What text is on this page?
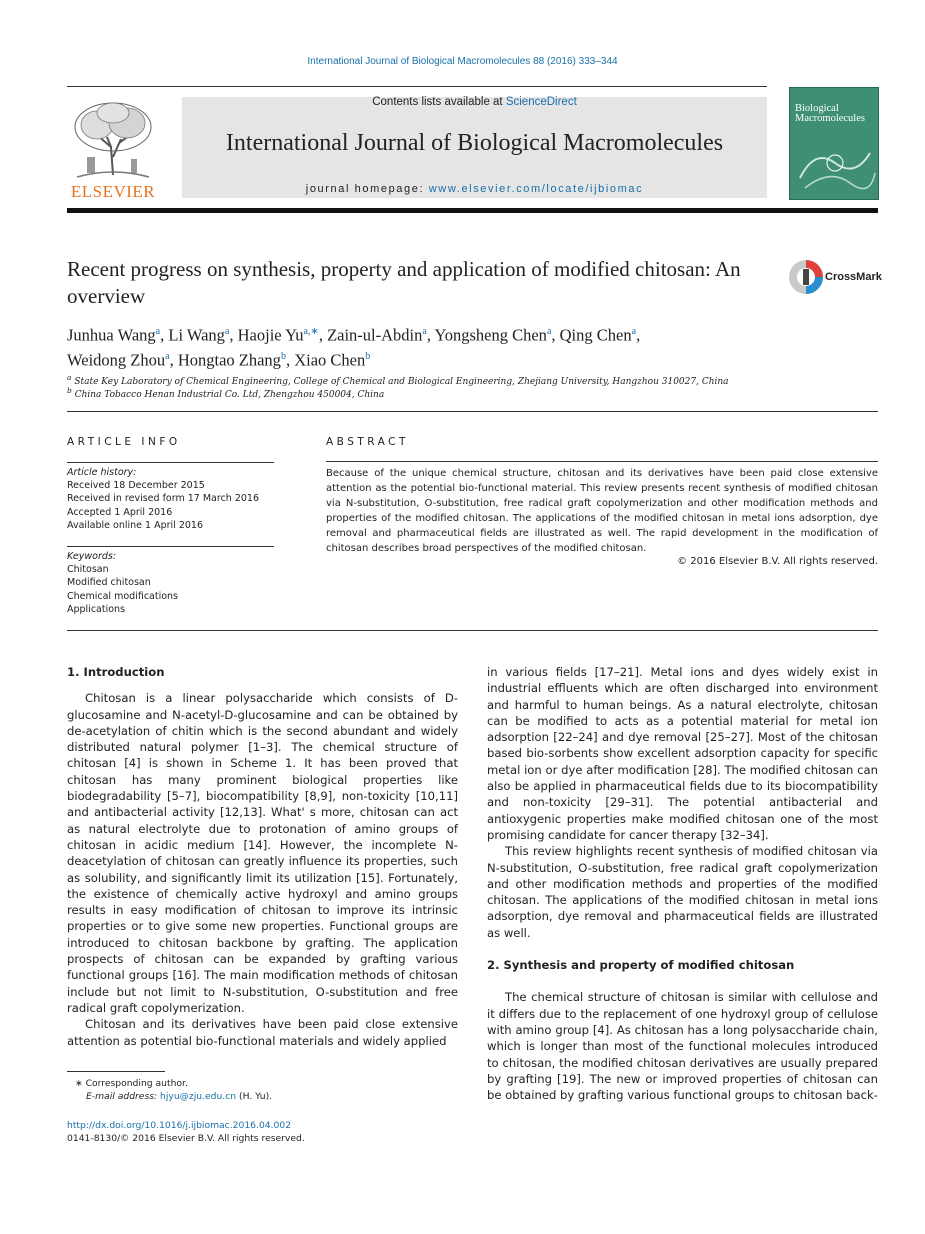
International Journal of Biological Macromolecules 88 (2016) 333–344
ELSEVIER
Contents lists available at ScienceDirect
International Journal of Biological Macromolecules
journal homepage: www.elsevier.com/locate/ijbiomac
Biological Macromolecules
Recent progress on synthesis, property and application of modified chitosan: An overview
CrossMark
Junhua Wang$^a$, Li Wang$^a$, Haojie $Yu^{a,∗}$, Zain-ul-Abdin$^a$, Yongsheng Chen$^a$, Qing Chen$^a$,
Weidong Zhou$^a$, Hongtao Zhang$^b$, Xiao Chen$^b$
$^a$ State Key Laboratory of Chemical Engineering, College of Chemical and Biological Engineering, Zhejiang University, Hangzhou 310027, China
$^b$ China Tobacco Henan Industrial Co. Ltd, Zhengzhou 450004, China
ARTICLE INFO
Article history:
Received 18 December 2015
Received in revised form 17 March 2016
Accepted 1 April 2016
Available online 1 April 2016
Keywords:
Chitosan
Modified chitosan
Chemical modifications
Applications
ABSTRACT
Because of the unique chemical structure, chitosan and its derivatives have been paid close extensive attention as the potential bio-functional material. This review presents recent synthesis of modified chitosan via N-substitution, O-substitution, free radical graft copolymerization and other modification methods and properties of the modified chitosan. The applications of the modified chitosan in metal ions adsorption, dye removal and pharmaceutical fields are illustrated as well. The rapid development in the modification of chitosan describes broad perspectives of the modified chitosan.
© 2016 Elsevier B.V. All rights reserved.
1. Introduction

Chitosan is a linear polysaccharide which consists of D-glucosamine and N-acetyl-D-glucosamine and can be obtained by de-acetylation of chitin which is the second abundant and widely distributed natural polymer [1–3]. The chemical structure of chitosan [4] is shown in Scheme 1. It has been proved that chitosan has many prominent biological properties like biodegradability [5–7], biocompatibility [8,9], non-toxicity [10,11] and antibacterial activity [12,13]. What' s more, chitosan can act as natural electrolyte due to protonation of amino groups of chitosan in acidic medium [14]. However, the incomplete N-deacetylation of chitosan can greatly influence its properties, such as solubility, and significantly limit its utilization [15]. Fortunately, the existence of chemically active hydroxyl and amino groups results in easy modification of chitosan to improve its intrinsic properties or to give some new properties. Functional groups are introduced to chitosan backbone by grafting. The application prospects of chitosan can be expanded by grafting various functional groups [16]. The main modification methods of chitosan include but not limit to N-substitution, O-substitution and free radical graft copolymerization.

Chitosan and its derivatives have been paid close extensive attention as potential bio-functional materials and widely applied

in various fields [17–21]. Metal ions and dyes widely exist in industrial effluents which are often discharged into environment and harmful to human beings. As a natural electrolyte, chitosan can be modified to acts as a potential material for metal ion adsorption [22–24] and dye removal [25–27]. Most of the chitosan based bio-sorbents show excellent adsorption capacity for specific metal ion or dye after modification [28]. The modified chitosan can also be applied in pharmaceutical fields due to its biocompatibility and non-toxicity [29–31]. The potential antibacterial and antioxygenic properties make modified chitosan one of the most promising candidate for cancer therapy [32–34].

This review highlights recent synthesis of modified chitosan via N-substitution, O-substitution, free radical graft copolymerization and other modification methods and properties of the modified chitosan. The applications of the modified chitosan in metal ions adsorption, dye removal and pharmaceutical fields are illustrated as well.

2. Synthesis and property of modified chitosan

The chemical structure of chitosan is similar with cellulose and it differs due to the replacement of one hydroxyl group of cellulose with amino group [4]. As chitosan has a long polysaccharide chain, which is longer than most of the functional molecules introduced to chitosan, the modified chitosan derivatives are usually prepared by grafting [19]. The new or improved properties of chitosan can be obtained by grafting various functional groups to chitosan back-

∗ Corresponding author.
E-mail address: hjyu@zju.edu.cn (H. Yu).
http://dx.doi.org/10.1016/j.ijbiomac.2016.04.002
0141-8130/© 2016 Elsevier B.V. All rights reserved.
